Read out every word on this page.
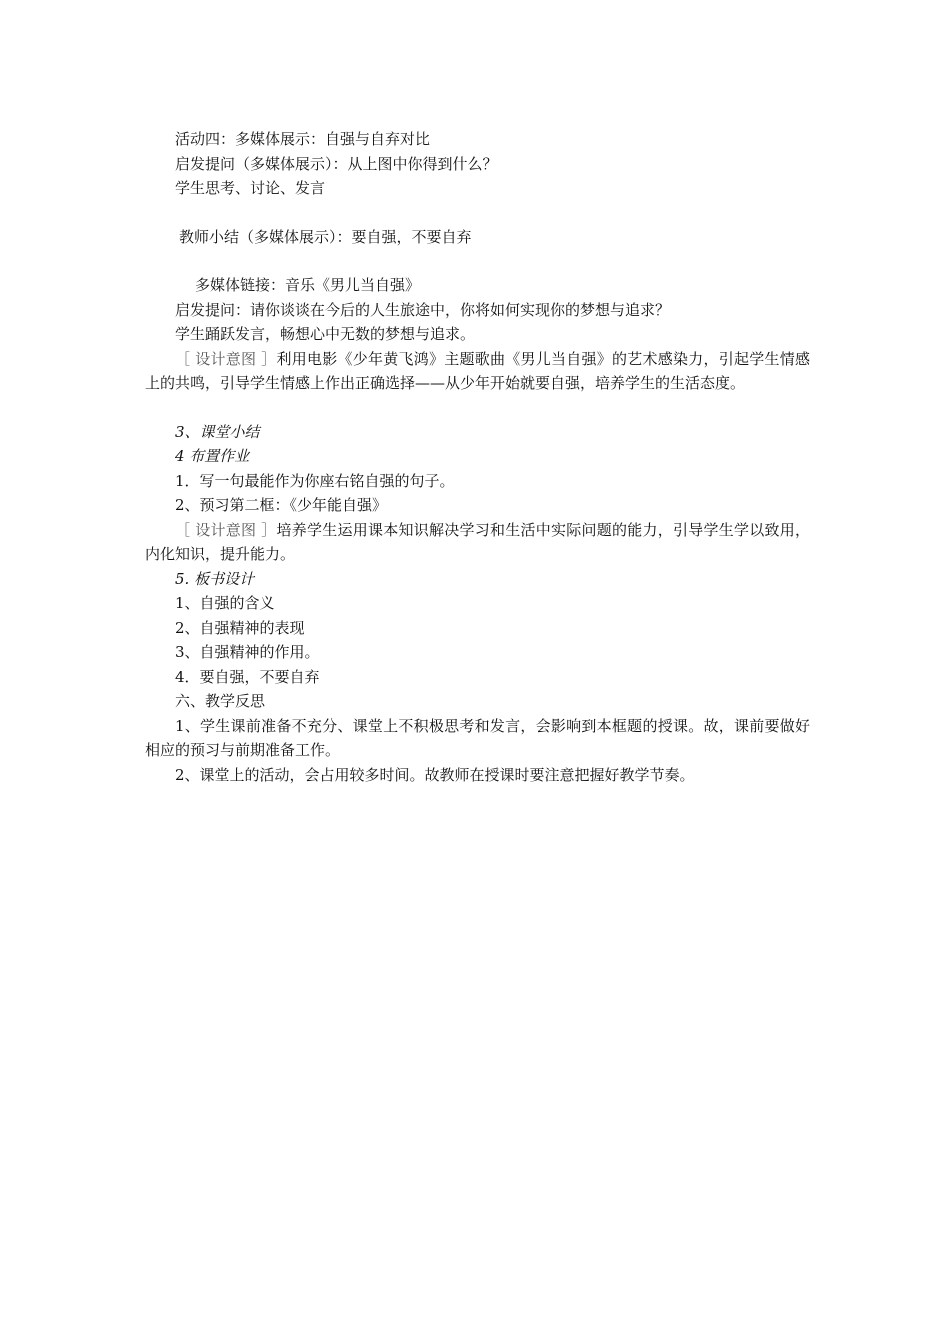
活动四：多媒体展示：自强与自弃对比

启发提问（多媒体展示）：从上图中你得到什么？

学生思考、讨论、发言

教师小结（多媒体展示）：要自强，不要自弃

多媒体链接：音乐《男儿当自强》

启发提问：请你谈谈在今后的人生旅途中，你将如何实现你的梦想与追求？

学生踊跃发言，畅想心中无数的梦想与追求。

［ 设计意图 ］利用电影《少年黄飞鸿》主题歌曲《男儿当自强》的艺术感染力，引起学生情感上的共鸣，引导学生情感上作出正确选择——从少年开始就要自强，培养学生的生活态度。

3、课堂小结

4 布置作业

1．写一句最能作为你座右铭自强的句子。

2、预习第二框：《少年能自强》

［ 设计意图 ］培养学生运用课本知识解决学习和生活中实际问题的能力，引导学生学以致用，内化知识，提升能力。

5. 板书设计

1、自强的含义

2、自强精神的表现

3、自强精神的作用。

4．要自强，不要自弃

六、教学反思

1、学生课前准备不充分、课堂上不积极思考和发言，会影响到本框题的授课。故，课前要做好相应的预习与前期准备工作。

2、课堂上的活动，会占用较多时间。故教师在授课时要注意把握好教学节奏。
